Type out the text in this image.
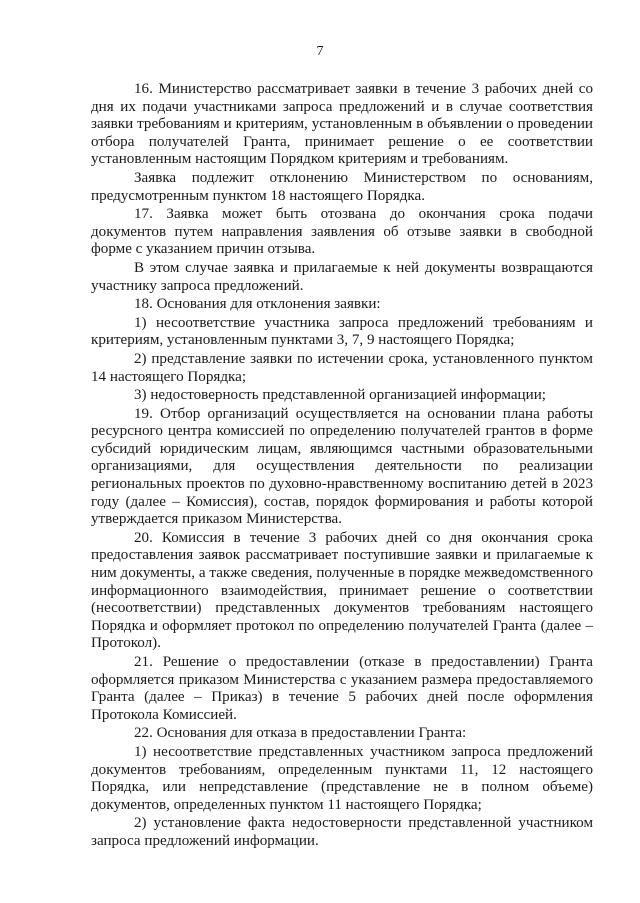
7

16. Министерство рассматривает заявки в течение 3 рабочих дней со дня их подачи участниками запроса предложений и в случае соответствия заявки требованиям и критериям, установленным в объявлении о проведении отбора получателей Гранта, принимает решение о ее соответствии установленным настоящим Порядком критериям и требованиям.

Заявка подлежит отклонению Министерством по основаниям, предусмотренным пунктом 18 настоящего Порядка.

17. Заявка может быть отозвана до окончания срока подачи документов путем направления заявления об отзыве заявки в свободной форме с указанием причин отзыва.

В этом случае заявка и прилагаемые к ней документы возвращаются участнику запроса предложений.

18. Основания для отклонения заявки:

1) несоответствие участника запроса предложений требованиям и критериям, установленным пунктами 3, 7, 9 настоящего Порядка;

2) представление заявки по истечении срока, установленного пунктом 14 настоящего Порядка;

3) недостоверность представленной организацией информации;

19. Отбор организаций осуществляется на основании плана работы ресурсного центра комиссией по определению получателей грантов в форме субсидий юридическим лицам, являющимся частными образовательными организациями, для осуществления деятельности по реализации региональных проектов по духовно-нравственному воспитанию детей в 2023 году (далее – Комиссия), состав, порядок формирования и работы которой утверждается приказом Министерства.

20. Комиссия в течение 3 рабочих дней со дня окончания срока предоставления заявок рассматривает поступившие заявки и прилагаемые к ним документы, а также сведения, полученные в порядке межведомственного информационного взаимодействия, принимает решение о соответствии (несоответствии) представленных документов требованиям настоящего Порядка и оформляет протокол по определению получателей Гранта (далее – Протокол).

21. Решение о предоставлении (отказе в предоставлении) Гранта оформляется приказом Министерства с указанием размера предоставляемого Гранта (далее – Приказ) в течение 5 рабочих дней после оформления Протокола Комиссией.

22. Основания для отказа в предоставлении Гранта:

1) несоответствие представленных участником запроса предложений документов требованиям, определенным пунктами 11, 12 настоящего Порядка, или непредставление (представление не в полном объеме) документов, определенных пунктом 11 настоящего Порядка;

2) установление факта недостоверности представленной участником запроса предложений информации.
